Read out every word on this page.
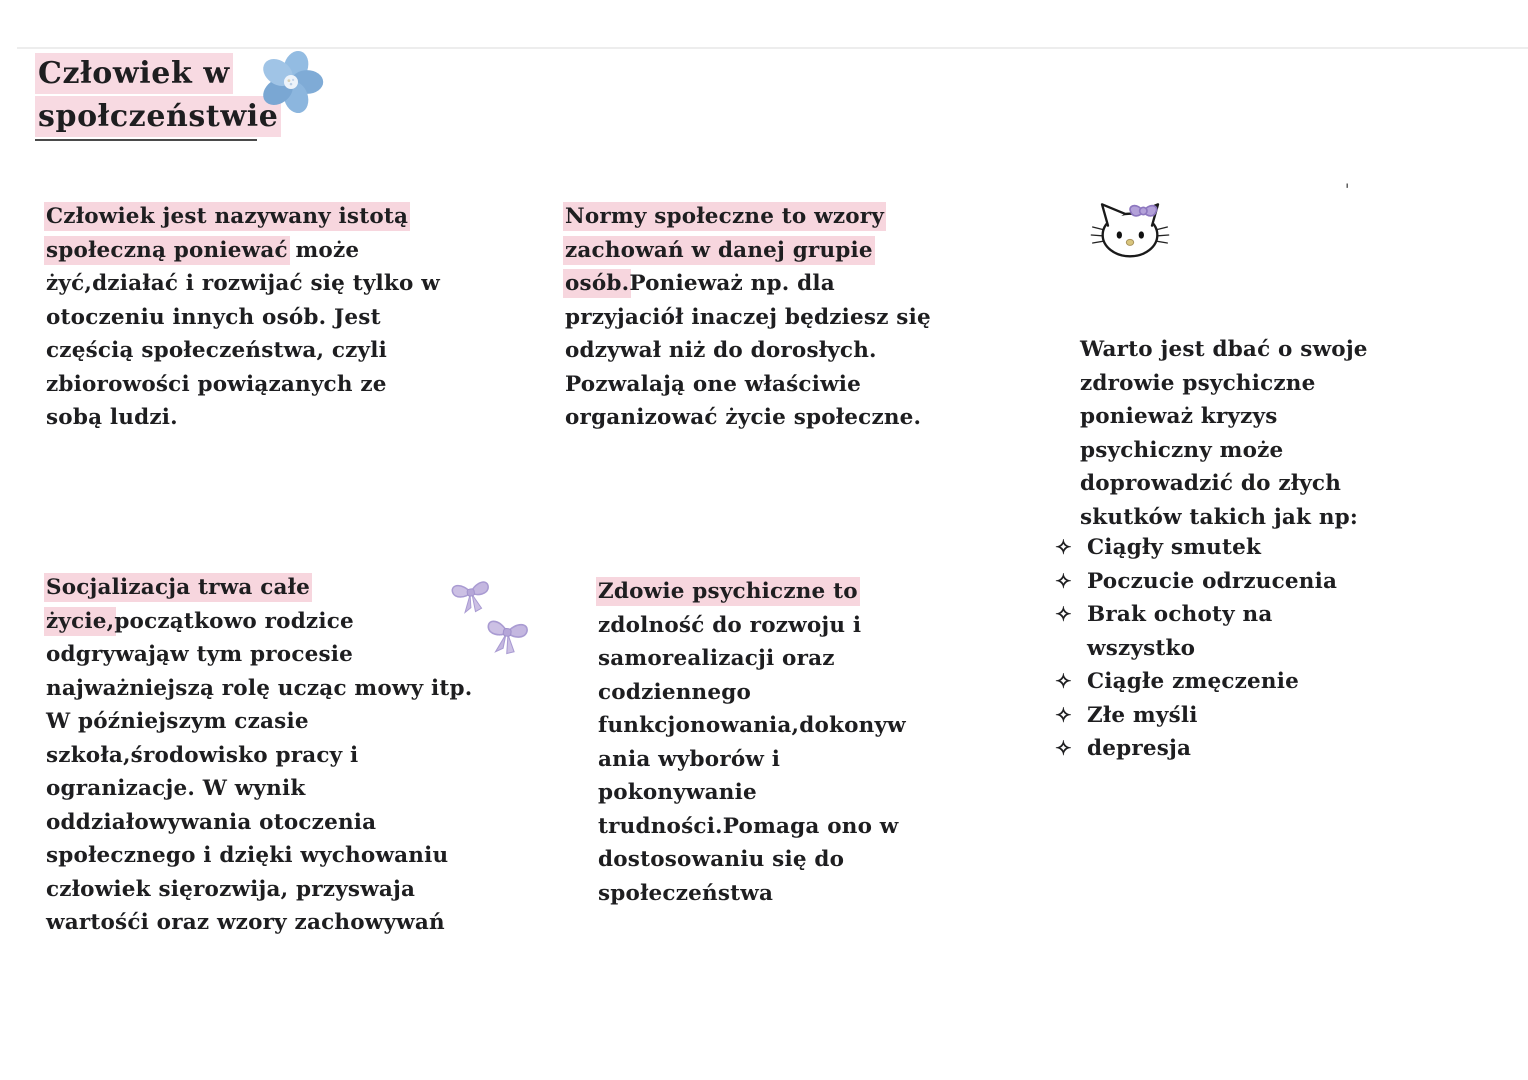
Człowiek w
społczeństwie
Człowiek jest nazywany istotą
społeczną poniewać może
żyć,działać i rozwijać się tylko w
otoczeniu innych osób. Jest
częścią społeczeństwa, czyli
zbiorowości powiązanych ze
sobą ludzi.
Socjalizacja trwa całe
życie,początkowo rodzice
odgrywająw tym procesie
najważniejszą rolę ucząc mowy itp.
W późniejszym czasie
szkoła,środowisko pracy i
ogranizacje. W wynik
oddziałowywania otoczenia
społecznego i dzięki wychowaniu
człowiek sięrozwija, przyswaja
wartośći oraz wzory zachowywań
Normy społeczne to wzory
zachowań w danej grupie
osób.Ponieważ np. dla
przyjaciół inaczej będziesz się
odzywał niż do dorosłych.
Pozwalają one właściwie
organizować życie społeczne.
Zdowie psychiczne to
zdolność do rozwoju i
samorealizacji oraz
codziennego
funkcjonowania,dokonyw
ania wyborów i
pokonywanie
trudności.Pomaga ono w
dostosowaniu się do
społeczeństwa
Warto jest dbać o swoje
zdrowie psychiczne
ponieważ kryzys
psychiczny może
doprowadzić do złych
skutków takich jak np:
✧ Ciągły smutek
✧ Poczucie odrzucenia
✧ Brak ochoty na
wszystko
✧ Ciągłe zmęczenie
✧ Złe myśli
✧ depresja
'
